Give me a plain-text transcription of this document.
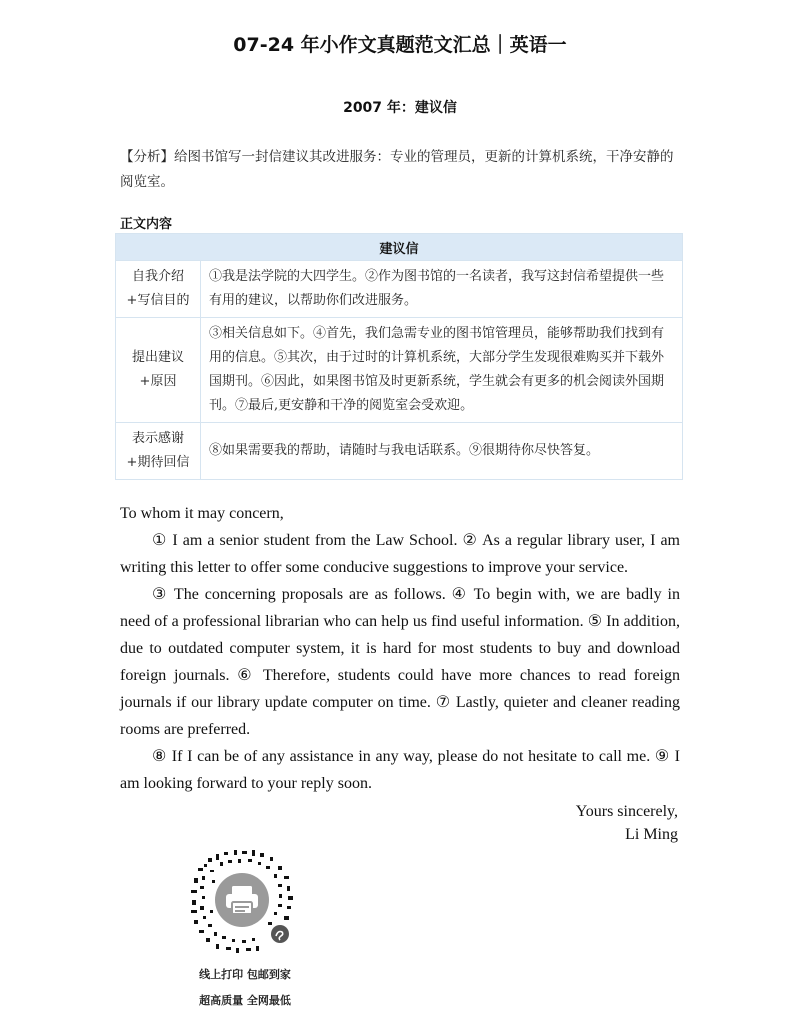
07-24 年小作文真题范文汇总｜英语一
2007 年：建议信
【分析】给图书馆写一封信建议其改进服务：专业的管理员，更新的计算机系统，干净安静的阅览室。
正文内容
建议信	
自我介绍
+写信目的	①我是法学院的大四学生。②作为图书馆的一名读者，我写这封信希望提供一些有用的建议，以帮助你们改进服务。
提出建议
+原因	③相关信息如下。④首先，我们急需专业的图书馆管理员，能够帮助我们找到有用的信息。⑤其次，由于过时的计算机系统，大部分学生发现很难购买并下载外国期刊。⑥因此，如果图书馆及时更新系统，学生就会有更多的机会阅读外国期刊。⑦最后,更安静和干净的阅览室会受欢迎。
表示感谢
+期待回信	⑧如果需要我的帮助，请随时与我电话联系。⑨很期待你尽快答复。

To whom it may concern,

① I am a senior student from the Law School. ② As a regular library user, I am writing this letter to offer some conducive suggestions to improve your service.

③ The concerning proposals are as follows. ④ To begin with, we are badly in need of a professional librarian who can help us find useful information. ⑤ In addition, due to outdated computer system, it is hard for most students to buy and download foreign journals. ⑥ Therefore, students could have more chances to read foreign journals if our library update computer on time. ⑦ Lastly, quieter and cleaner reading rooms are preferred.

⑧ If I can be of any assistance in any way, please do not hesitate to call me. ⑨ I am looking forward to your reply soon.

Yours sincerely,
Li Ming
线上打印 包邮到家
超高质量 全网最低
